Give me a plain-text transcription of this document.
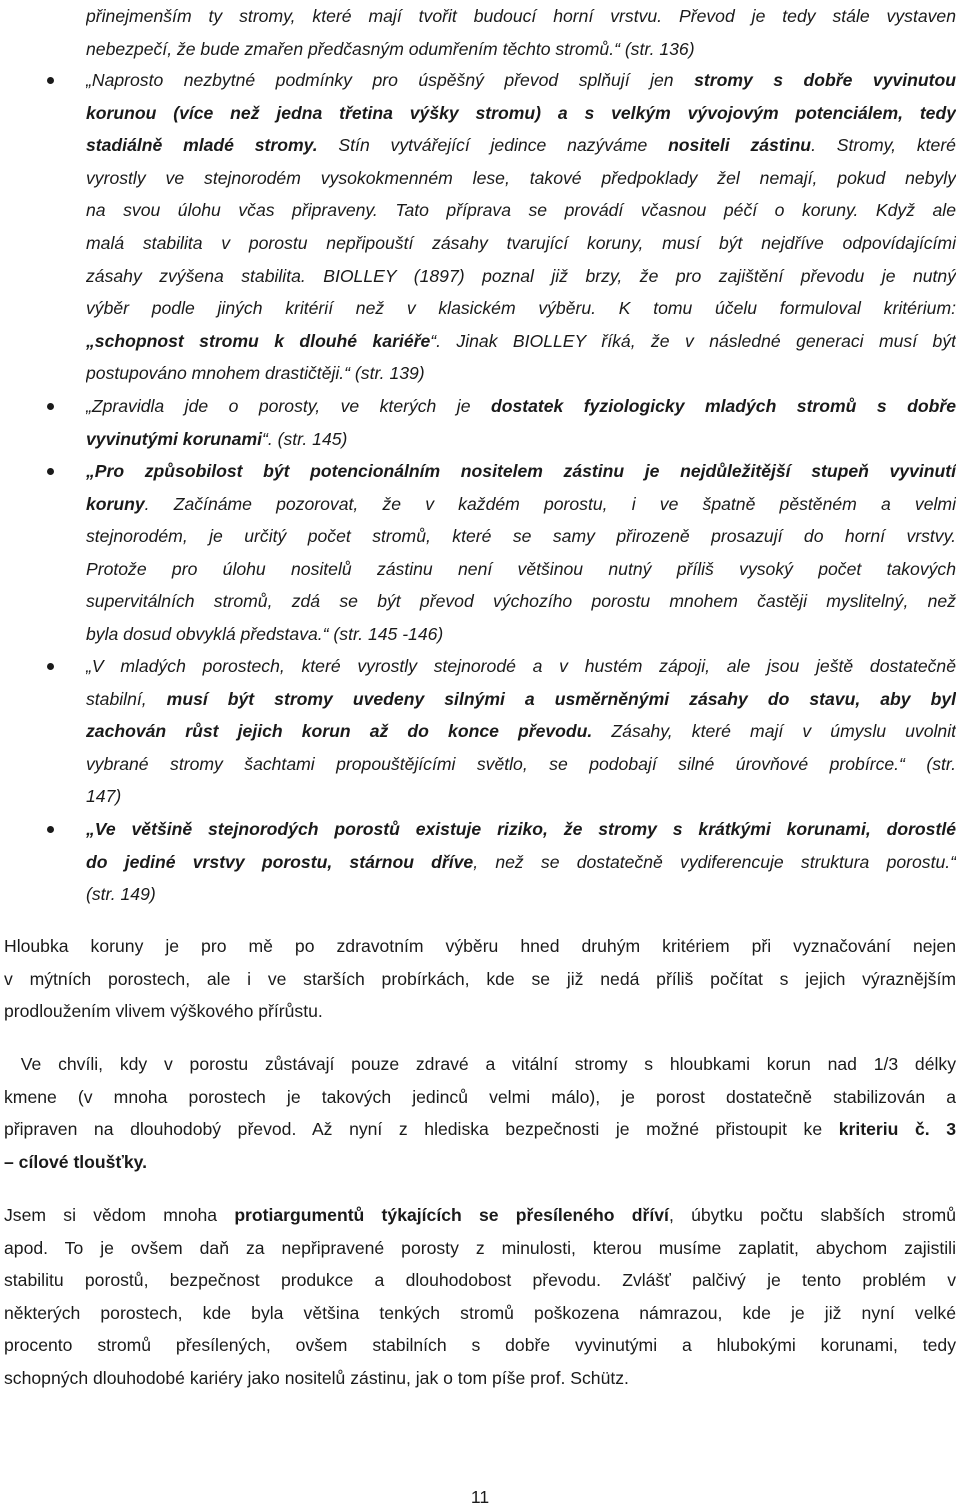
přinejmenším ty stromy, které mají tvořit budoucí horní vrstvu. Převod je tedy stále vystaven
nebezpečí, že bude zmařen předčasným odumřením těchto stromů.“ (str. 136)
„Naprosto nezbytné podmínky pro úspěšný převod splňují jen stromy s dobře vyvinutou
korunou (více než jedna třetina výšky stromu) a s velkým vývojovým potenciálem, tedy
stadiálně mladé stromy. Stín vytvářející jedince nazýváme nositeli zástinu. Stromy, které
vyrostly ve stejnorodém vysokokmenném lese, takové předpoklady žel nemají, pokud nebyly
na svou úlohu včas připraveny. Tato příprava se provádí včasnou péčí o koruny. Když ale
malá stabilita v porostu nepřipouští zásahy tvarující koruny, musí být nejdříve odpovídajícími
zásahy zvýšena stabilita. BIOLLEY (1897) poznal již brzy, že pro zajištění převodu je nutný
výběr podle jiných kritérií než v klasickém výběru. K tomu účelu formuloval kritérium:
„schopnost stromu k dlouhé kariéře“. Jinak BIOLLEY říká, že v následné generaci musí být
postupováno mnohem drastičtěji.“ (str. 139)
„Zpravidla jde o porosty, ve kterých je dostatek fyziologicky mladých stromů s dobře
vyvinutými korunami“. (str. 145)
„Pro způsobilost být potencionálním nositelem zástinu je nejdůležitější stupeň vyvinutí
koruny. Začínáme pozorovat, že v každém porostu, i ve špatně pěstěném a velmi
stejnorodém, je určitý počet stromů, které se samy přirozeně prosazují do horní vrstvy.
Protože pro úlohu nositelů zástinu není většinou nutný příliš vysoký počet takových
supervitálních stromů, zdá se být převod výchozího porostu mnohem častěji myslitelný, než
byla dosud obvyklá představa.“ (str. 145 -146)
„V mladých porostech, které vyrostly stejnorodé a v hustém zápoji, ale jsou ještě dostatečně
stabilní, musí být stromy uvedeny silnými a usměrněnými zásahy do stavu, aby byl
zachován růst jejich korun až do konce převodu. Zásahy, které mají v úmyslu uvolnit
vybrané stromy šachtami propouštějícími světlo, se podobají silné úrovňové probírce.“ (str.
147)
„Ve většině stejnorodých porostů existuje riziko, že stromy s krátkými korunami, dorostlé
do jediné vrstvy porostu, stárnou dříve, než se dostatečně vydiferencuje struktura porostu.“
(str. 149)
Hloubka koruny je pro mě po zdravotním výběru hned druhým kritériem při vyznačování nejen
v mýtních porostech, ale i ve starších probírkách, kde se již nedá příliš počítat s jejich výraznějším
prodloužením vlivem výškového přírůstu.
Ve chvíli, kdy v porostu zůstávají pouze zdravé a vitální stromy s hloubkami korun nad 1/3 délky
kmene (v mnoha porostech je takových jedinců velmi málo), je porost dostatečně stabilizován a
připraven na dlouhodobý převod. Až nyní z hlediska bezpečnosti je možné přistoupit ke kriteriu č. 3
– cílové tloušťky.
Jsem si vědom mnoha protiargumentů týkajících se přesíleného dříví, úbytku počtu slabších stromů
apod. To je ovšem daň za nepřipravené porosty z minulosti, kterou musíme zaplatit, abychom zajistili
stabilitu porostů, bezpečnost produkce a dlouhodobost převodu. Zvlášť palčivý je tento problém v
některých porostech, kde byla většina tenkých stromů poškozena námrazou, kde je již nyní velké
procento stromů přesílených, ovšem stabilních s dobře vyvinutými a hlubokými korunami, tedy
schopných dlouhodobé kariéry jako nositelů zástinu, jak o tom píše prof. Schütz.
11
